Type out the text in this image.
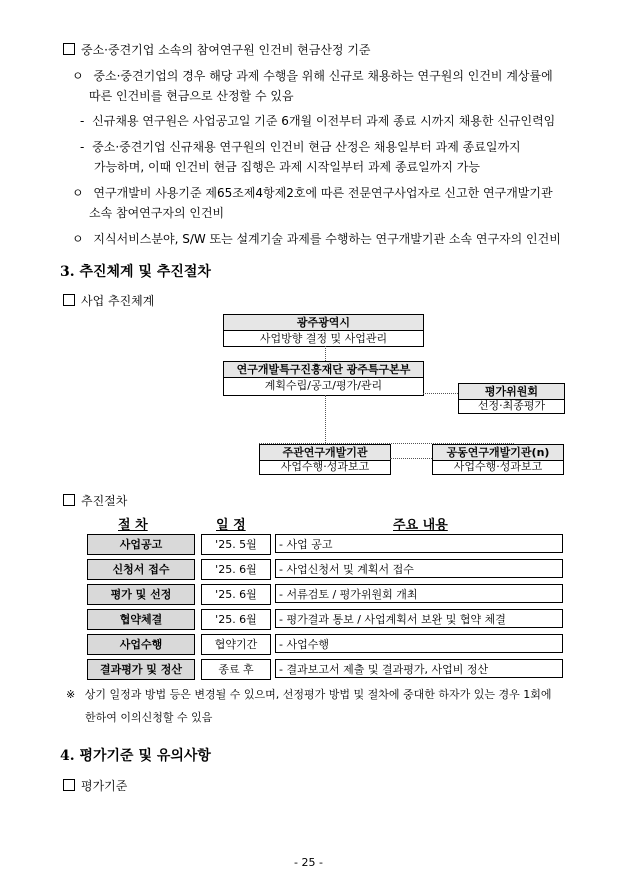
중소·중견기업 소속의 참여연구원 인건비 현금산정 기준
ㅇ 중소·중견기업의 경우 해당 과제 수행을 위해 신규로 채용하는 연구원의 인건비 계상률에
따른 인건비를 현금으로 산정할 수 있음
- 신규채용 연구원은 사업공고일 기준 6개월 이전부터 과제 종료 시까지 채용한 신규인력임
- 중소·중견기업 신규채용 연구원의 인건비 현금 산정은 채용일부터 과제 종료일까지
가능하며, 이때 인건비 현금 집행은 과제 시작일부터 과제 종료일까지 가능
ㅇ 연구개발비 사용기준 제65조제4항제2호에 따른 전문연구사업자로 신고한 연구개발기관
소속 참여연구자의 인건비
ㅇ 지식서비스분야, S/W 또는 설계기술 과제를 수행하는 연구개발기관 소속 연구자의 인건비
3. 추진체계 및 추진절차
사업 추진체계
광주광역시
사업방향 결정 및 사업관리
연구개발특구진흥재단 광주특구본부
계획수립/공고/평가/관리	평가위원회
선정·최종평가
주관연구개발기관
사업수행·성과보고
공동연구개발기관(n)
사업수행·성과보고
추진절차
절 차	일 정	주요 내용
사업공고	'25. 5월	- 사업 공고
신청서 접수	'25. 6월	- 사업신청서 및 계획서 접수
평가 및 선정	'25. 6월	- 서류검토 / 평가위원회 개최
협약체결	'25. 6월	- 평가결과 통보 / 사업계획서 보완 및 협약 체결
사업수행	협약기간	- 사업수행
결과평가 및 정산	종료 후	- 결과보고서 제출 및 결과평가, 사업비 정산
※ 상기 일정과 방법 등은 변경될 수 있으며, 선정평가 방법 및 절차에 중대한 하자가 있는 경우 1회에
한하여 이의신청할 수 있음
4. 평가기준 및 유의사항
평가기준
- 25 -
